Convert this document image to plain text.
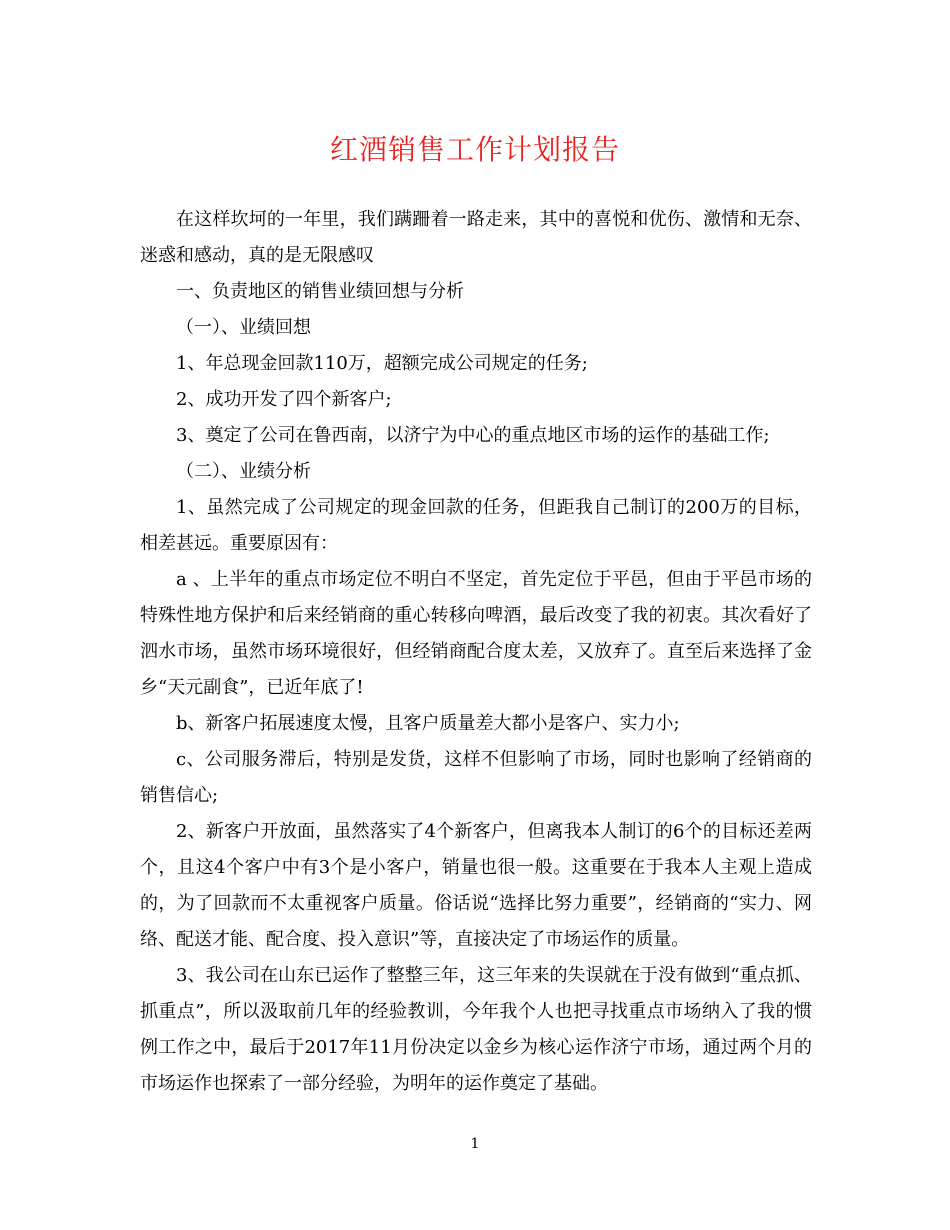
红酒销售工作计划报告

在这样坎坷的一年里，我们蹒跚着一路走来，其中的喜悦和优伤、激情和无奈、迷惑和感动，真的是无限感叹

一、负责地区的销售业绩回想与分析

（一）、业绩回想

1、年总现金回款110万，超额完成公司规定的任务;

2、成功开发了四个新客户;

3、奠定了公司在鲁西南，以济宁为中心的重点地区市场的运作的基础工作;

（二）、业绩分析

1、虽然完成了公司规定的现金回款的任务，但距我自己制订的200万的目标，相差甚远。重要原因有：

a 、上半年的重点市场定位不明白不坚定，首先定位于平邑，但由于平邑市场的特殊性地方保护和后来经销商的重心转移向啤酒，最后改变了我的初衷。其次看好了泗水市场，虽然市场环境很好，但经销商配合度太差，又放弃了。直至后来选择了金乡“天元副食”，已近年底了!

b、新客户拓展速度太慢，且客户质量差大都小是客户、实力小;

c、公司服务滞后，特别是发货，这样不但影响了市场，同时也影响了经销商的销售信心;

2、新客户开放面，虽然落实了4个新客户，但离我本人制订的6个的目标还差两个，且这4个客户中有3个是小客户，销量也很一般。这重要在于我本人主观上造成的，为了回款而不太重视客户质量。俗话说“选择比努力重要”，经销商的“实力、网络、配送才能、配合度、投入意识”等，直接决定了市场运作的质量。

3、我公司在山东已运作了整整三年，这三年来的失误就在于没有做到“重点抓、抓重点”，所以汲取前几年的经验教训，今年我个人也把寻找重点市场纳入了我的惯例工作之中，最后于2017年11月份决定以金乡为核心运作济宁市场，通过两个月的市场运作也探索了一部分经验，为明年的运作奠定了基础。

1
